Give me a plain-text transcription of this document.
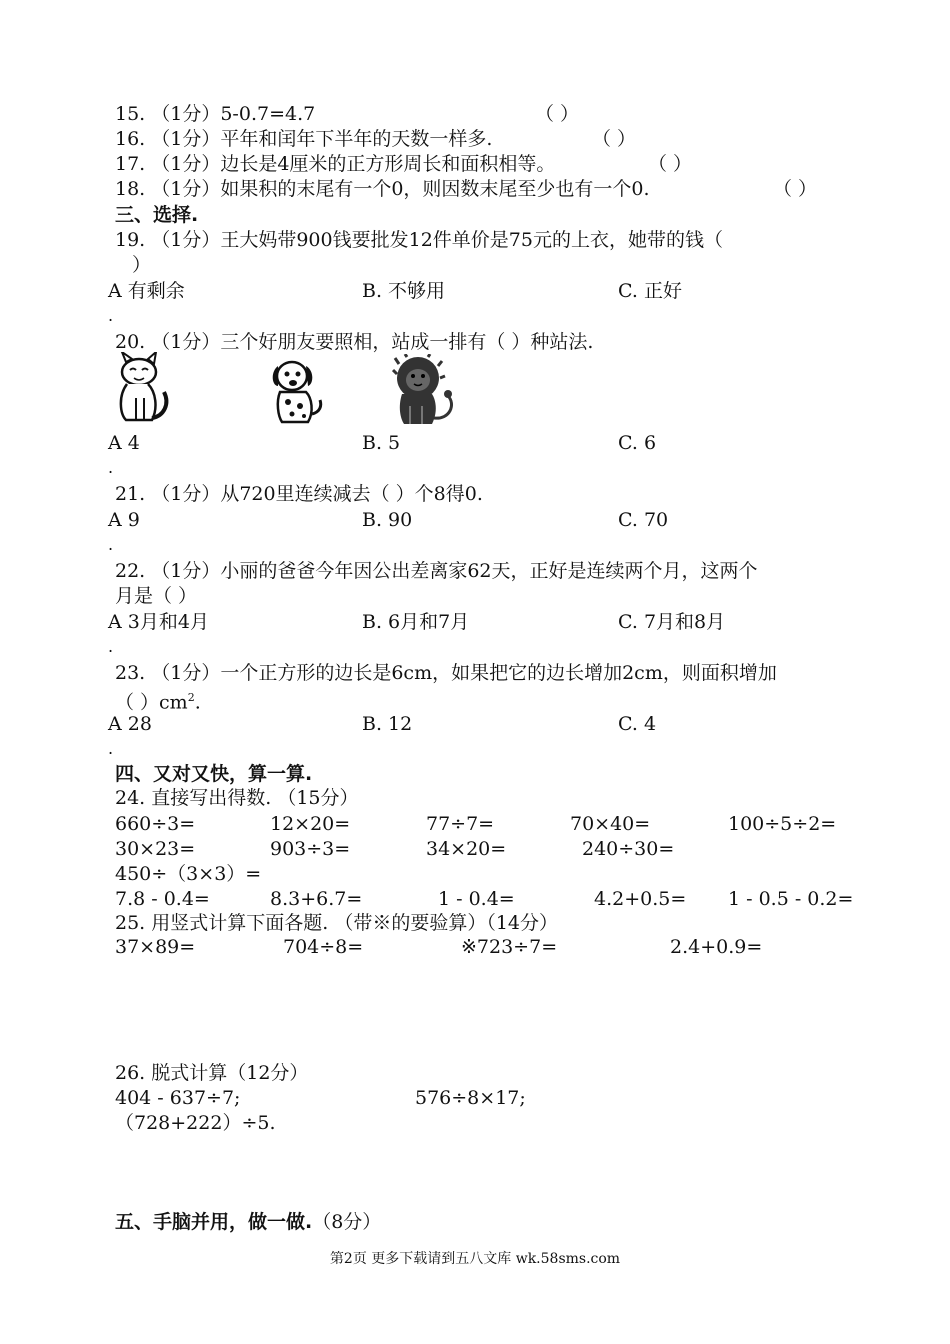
15. （1分）5-0.7=4.7	（ ）
16. （1分）平年和闰年下半年的天数一样多.	（ ）
17. （1分）边长是4厘米的正方形周长和面积相等。	（ ）
18. （1分）如果积的末尾有一个0，则因数末尾至少也有一个0.	（ ）
三、选择.
19. （1分）王大妈带900钱要批发12件单价是75元的上衣，她带的钱（
）
A 有剩余	B. 不够用	C. 正好
.
20. （1分）三个好朋友要照相，站成一排有（ ）种站法.
A 4	B. 5	C. 6
.
21. （1分）从720里连续减去（ ）个8得0.
A 9	B. 90	C. 70
.
22. （1分）小丽的爸爸今年因公出差离家62天，正好是连续两个月，这两个
月是（ ）
A 3月和4月	B. 6月和7月	C. 7月和8月
.
23. （1分）一个正方形的边长是6cm，如果把它的边长增加2cm，则面积增加
（ ）$cm^2$.
A 28	B. 12	C. 4
.
四、又对又快，算一算.
24. 直接写出得数. （15分）
660÷3=	12×20=	77÷7=	70×40=	100÷5÷2=
30×23=	903÷3=	34×20=	240÷30=
450÷（3×3）=
7.8 - 0.4=	8.3+6.7=	1 - 0.4=	4.2+0.5= 1 - 0.5 - 0.2=
25. 用竖式计算下面各题. （带※的要验算）（14分）
37×89=	704÷8=	※723÷7=	2.4+0.9=
26. 脱式计算（12分）
404 - 637÷7;	576÷8×17;
（728+222）÷5.
五、手脑并用，做一做.（8分）
第2页 更多下载请到五八文库 wk.58sms.com
